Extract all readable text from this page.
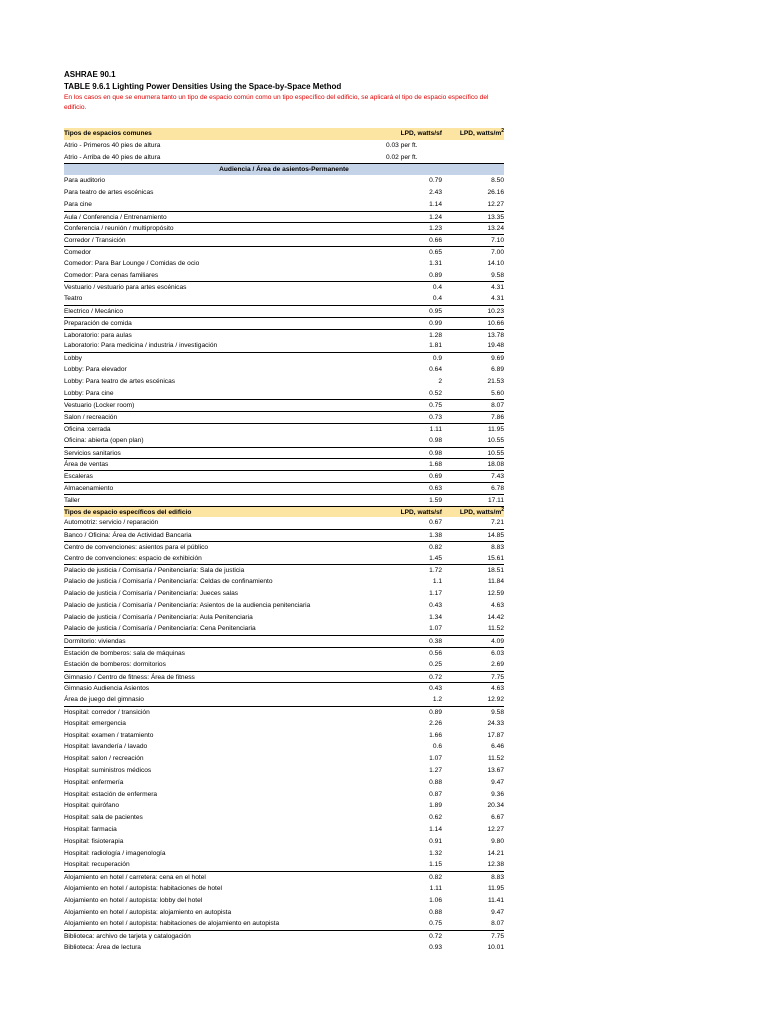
ASHRAE 90.1
TABLE 9.6.1 Lighting Power Densities Using the Space-by-Space Method
En los casos en que se enumera tanto un tipo de espacio común como un tipo específico del edificio, se aplicará el tipo de espacio específico del edificio.
Tipos de espacios comunes	LPD, watts/sf	LPD, watts/$m^2$
Atrio - Primeros 40 pies de altura	0.03 per ft.
Atrio - Arriba de 40 pies de altura	0.02 per ft.
Audiencia / Área de asientos-Permanente
Para auditorio	0.79	8.50
Para teatro de artes escénicas	2.43	26.16
Para cine	1.14	12.27
Aula / Conferencia / Entrenamiento	1.24	13.35
Conferencia / reunión / multipropósito	1.23	13.24
Corredor / Transición	0.66	7.10
Comedor	0.65	7.00
Comedor: Para Bar Lounge / Comidas de ocio	1.31	14.10
Comedor: Para cenas familiares	0.89	9.58
Vestuario / vestuario para artes escénicas	0.4	4.31
Teatro	0.4	4.31
Electrico / Mecánico	0.95	10.23
Preparación de comida	0.99	10.66
Laboratorio: para aulas	1.28	13.78
Laboratorio: Para medicina / industria / investigación	1.81	19.48
Lobby	0.9	9.69
Lobby: Para elevador	0.64	6.89
Lobby: Para teatro de artes escénicas	2	21.53
Lobby: Para cine	0.52	5.60
Vestuario (Locker room)	0.75	8.07
Salon / recreación	0.73	7.86
Oficina :cerrada	1.11	11.95
Oficina: abierta (open plan)	0.98	10.55
Servicios sanitarios	0.98	10.55
Área de ventas	1.68	18.08
Escaleras	0.69	7.43
Almacenamiento	0.63	6.78
Taller	1.59	17.11
Tipos de espacio específicos del edificio	LPD, watts/sf	LPD, watts/$m^2$
Automotriz: servicio / reparación	0.67	7.21
Banco / Oficina: Área de Actividad Bancaria	1.38	14.85
Centro de convenciones: asientos para el público	0.82	8.83
Centro de convenciones: espacio de exhibición	1.45	15.61
Palacio de justicia / Comisaría / Penitenciaría: Sala de justicia	1.72	18.51
Palacio de justicia / Comisaría / Penitenciaría: Celdas de confinamiento	1.1	11.84
Palacio de justicia / Comisaría / Penitenciaría: Jueces salas	1.17	12.59
Palacio de justicia / Comisaría / Penitenciaría: Asientos de la audiencia penitenciaria	0.43	4.63
Palacio de justicia / Comisaría / Penitenciaría: Aula Penitenciaria	1.34	14.42
Palacio de justicia / Comisaría / Penitenciaría: Cena Penitenciaria	1.07	11.52
Dormitorio: viviendas	0.38	4.09
Estación de bomberos: sala de máquinas	0.56	6.03
Estación de bomberos: dormitorios	0.25	2.69
Gimnasio / Centro de fitness: Área de fitness	0.72	7.75
Gimnasio Audiencia Asientos	0.43	4.63
Área de juego del gimnasio	1.2	12.92
Hospital: corredor / transición	0.89	9.58
Hospital: emergencia	2.26	24.33
Hospital: examen / tratamiento	1.66	17.87
Hospital: lavandería / lavado	0.6	6.46
Hospital: salon / recreación	1.07	11.52
Hospital: suministros médicos	1.27	13.67
Hospital: enfermería	0.88	9.47
Hospital: estación de enfermera	0.87	9.36
Hospital: quirófano	1.89	20.34
Hospital: sala de pacientes	0.62	6.67
Hospital: farmacia	1.14	12.27
Hospital: fisioterapia	0.91	9.80
Hospital: radiología / imagenología	1.32	14.21
Hospital: recuperación	1.15	12.38
Alojamiento en hotel / carretera: cena en el hotel	0.82	8.83
Alojamiento en hotel / autopista: habitaciones de hotel	1.11	11.95
Alojamiento en hotel / autopista: lobby del hotel	1.06	11.41
Alojamiento en hotel / autopista: alojamiento en autopista	0.88	9.47
Alojamiento en hotel / autopista: habitaciones de alojamiento en autopista	0.75	8.07
Biblioteca: archivo de tarjeta y catalogación	0.72	7.75
Biblioteca: Área de lectura	0.93	10.01
